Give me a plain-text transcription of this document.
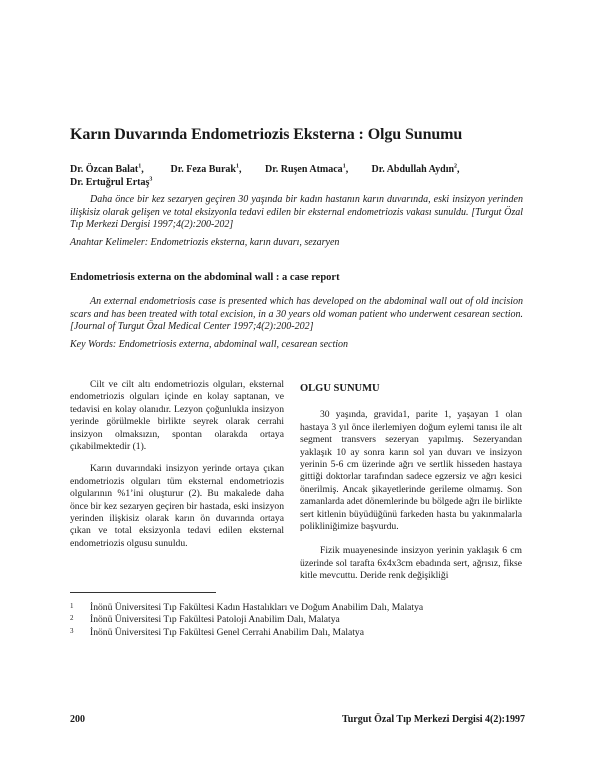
Karın Duvarında Endometriozis Eksterna : Olgu Sunumu
Dr. Özcan Balat$^1$,	Dr. Feza Burak$^1$, Dr. Ruşen Atmaca$^1$, Dr. Abdullah Aydın$^2$,
Dr. Ertuğrul Ertaş$^3$
Daha önce bir kez sezaryen geçiren 30 yaşında bir kadın hastanın karın duvarında, eski insizyon yerinden ilişkisiz olarak gelişen ve total eksizyonla tedavi edilen bir eksternal endometriozis vakası sunuldu. [Turgut Özal Tıp Merkezi Dergisi 1997;4(2):200-202]
Anahtar Kelimeler: Endometriozis eksterna, karın duvarı, sezaryen
Endometriosis externa on the abdominal wall : a case report
An external endometriosis case is presented which has developed on the abdominal wall out of old incision scars and has been treated with total excision, in a 30 years old woman patient who underwent cesarean section. [Journal of Turgut Özal Medical Center 1997;4(2):200-202]
Key Words: Endometriosis externa, abdominal wall, cesarean section

Cilt ve cilt altı endometriozis olguları, eksternal endometriozis olguları içinde en kolay saptanan, ve tedavisi en kolay olanıdır. Lezyon çoğunlukla insizyon yerinde görülmekle birlikte seyrek olarak cerrahi insizyon olmaksızın, spontan olarakda ortaya çıkabilmektedir (1).

Karın duvarındaki insizyon yerinde ortaya çıkan endometriozis olguları tüm eksternal endometriozis olgularının %1’ini oluşturur (2). Bu makalede daha önce bir kez sezaryen geçiren bir hastada, eski insizyon yerinden ilişkisiz olarak karın ön duvarında ortaya çıkan ve total eksizyonla tedavi edilen eksternal endometriozis olgusu sunuldu.

OLGU SUNUMU

30 yaşında, gravida1, parite 1, yaşayan 1 olan hastaya 3 yıl önce ilerlemiyen doğum eylemi tanısı ile alt segment transvers sezeryan yapılmış. Sezeryandan yaklaşık 10 ay sonra karın sol yan duvarı ve insizyon yerinin 5-6 cm üzerinde ağrı ve sertlik hisseden hastaya gittiği doktorlar tarafından sadece egzersiz ve ağrı kesici önerilmiş. Ancak şikayetlerinde gerileme olmamış. Son zamanlarda adet dönemlerinde bu bölgede ağrı ile birlikte sert kitlenin büyüdüğünü farkeden hasta bu yakınmalarla polikliniğimize başvurdu.

Fizik muayenesinde insizyon yerinin yaklaşık 6 cm üzerinde sol tarafta 6x4x3cm ebadında sert, ağrısız, fikse kitle mevcuttu. Deride renk değişikliği

1 İnönü Üniversitesi Tıp Fakültesi Kadın Hastalıkları ve Doğum Anabilim Dalı, Malatya
2 İnönü Üniversitesi Tıp Fakültesi Patoloji Anabilim Dalı, Malatya
3 İnönü Üniversitesi Tıp Fakültesi Genel Cerrahi Anabilim Dalı, Malatya
200	Turgut Özal Tıp Merkezi Dergisi 4(2):1997
